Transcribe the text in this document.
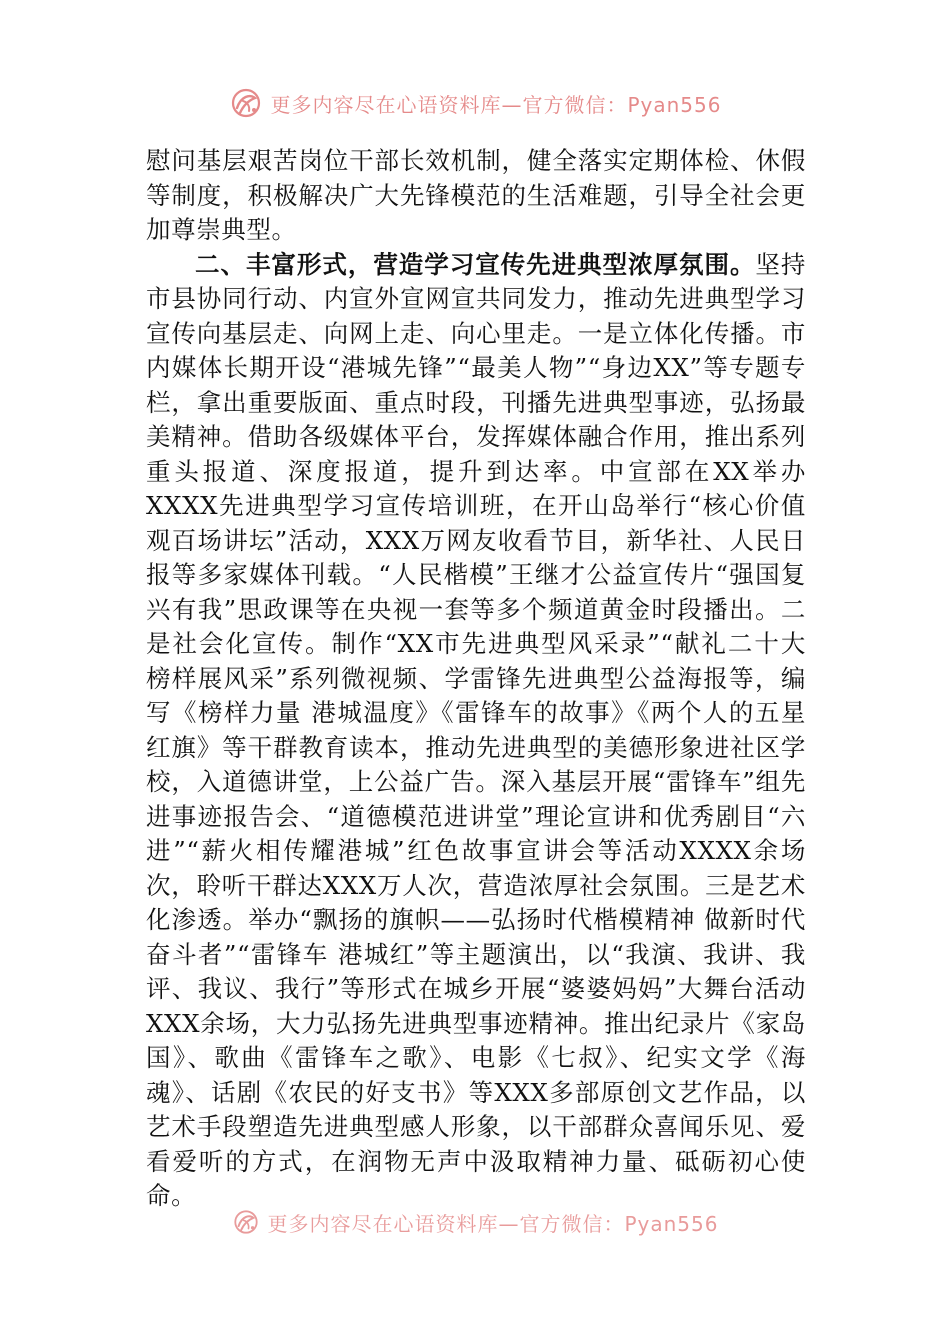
更多内容尽在心语资料库—官方微信：Pyan556

慰问基层艰苦岗位干部长效机制，健全落实定期体检、休假等制度，积极解决广大先锋模范的生活难题，引导全社会更加尊崇典型。

二、丰富形式，营造学习宣传先进典型浓厚氛围。坚持市县协同行动、内宣外宣网宣共同发力，推动先进典型学习宣传向基层走、向网上走、向心里走。一是立体化传播。市内媒体长期开设“港城先锋”“最美人物”“身边XX”等专题专栏，拿出重要版面、重点时段，刊播先进典型事迹，弘扬最美精神。借助各级媒体平台，发挥媒体融合作用，推出系列重头报道、深度报道，提升到达率。中宣部在XX举办XXXX先进典型学习宣传培训班，在开山岛举行“核心价值观百场讲坛”活动，XXX万网友收看节目，新华社、人民日报等多家媒体刊载。“人民楷模”王继才公益宣传片“强国复兴有我”思政课等在央视一套等多个频道黄金时段播出。二是社会化宣传。制作“XX市先进典型风采录”“献礼二十大 榜样展风采”系列微视频、学雷锋先进典型公益海报等，编写《榜样力量 港城温度》《雷锋车的故事》《两个人的五星红旗》等干群教育读本，推动先进典型的美德形象进社区学校，入道德讲堂，上公益广告。深入基层开展“雷锋车”组先进事迹报告会、“道德模范进讲堂”理论宣讲和优秀剧目“六进”“薪火相传耀港城”红色故事宣讲会等活动XXXX余场次，聆听干群达XXX万人次，营造浓厚社会氛围。三是艺术化渗透。举办“飘扬的旗帜——弘扬时代楷模精神 做新时代奋斗者”“雷锋车 港城红”等主题演出，以“我演、我讲、我评、我议、我行”等形式在城乡开展“婆婆妈妈”大舞台活动XXX余场，大力弘扬先进典型事迹精神。推出纪录片《家岛国》、歌曲《雷锋车之歌》、电影《七叔》、纪实文学《海魂》、话剧《农民的好支书》等XXX多部原创文艺作品，以艺术手段塑造先进典型感人形象，以干部群众喜闻乐见、爱看爱听的方式，在润物无声中汲取精神力量、砥砺初心使命。

更多内容尽在心语资料库—官方微信：Pyan556
